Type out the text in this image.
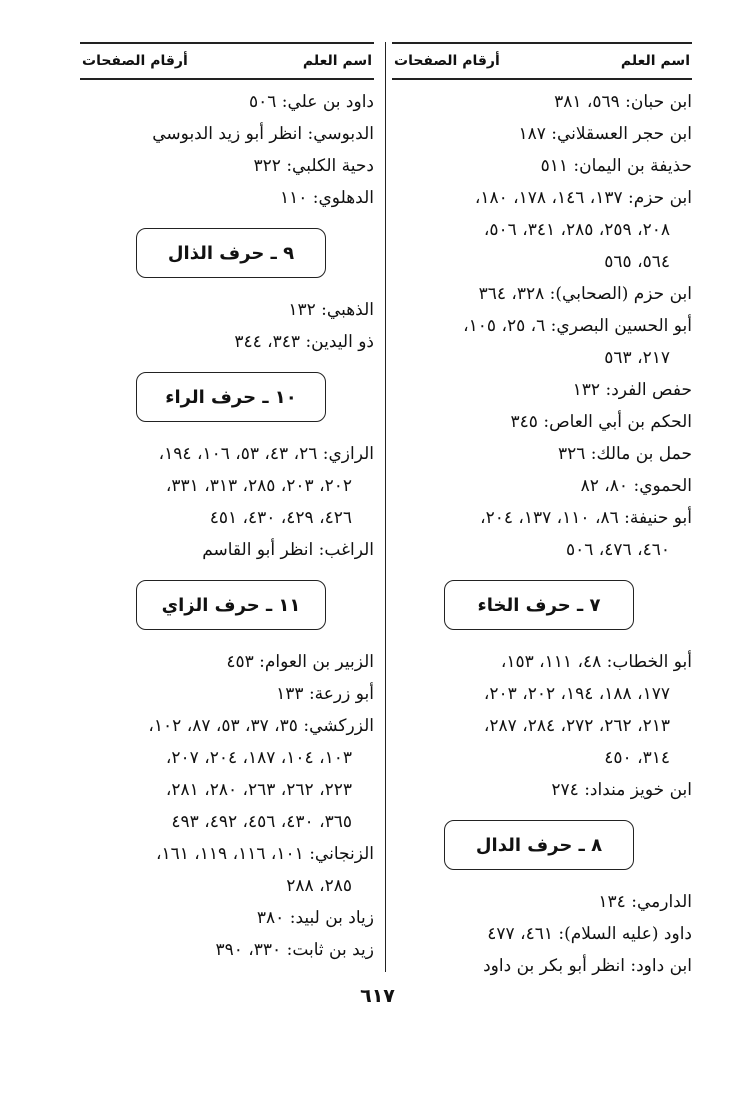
اسم العلم
أرقام الصفحات
ابن حبان: ٥٦٩، ٣٨١
ابن حجر العسقلاني: ١٨٧
حذيفة بن اليمان: ٥١١
ابن حزم: ١٣٧، ١٤٦، ١٧٨، ١٨٠،
٢٠٨، ٢٥٩، ٢٨٥، ٣٤١، ٥٠٦،
٥٦٤، ٥٦٥
ابن حزم (الصحابي): ٣٢٨، ٣٦٤
أبو الحسين البصري: ٦، ٢٥، ١٠٥،
٢١٧، ٥٦٣
حفص الفرد: ١٣٢
الحكم بن أبي العاص: ٣٤٥
حمل بن مالك: ٣٢٦
الحموي: ٨٠، ٨٢
أبو حنيفة: ٨٦، ١١٠، ١٣٧، ٢٠٤،
٤٦٠، ٤٧٦، ٥٠٦
٧ ـ حرف الخاء
أبو الخطاب: ٤٨، ١١١، ١٥٣،
١٧٧، ١٨٨، ١٩٤، ٢٠٢، ٢٠٣،
٢١٣، ٢٦٢، ٢٧٢، ٢٨٤، ٢٨٧،
٣١٤، ٤٥٠
ابن خويز منداد: ٢٧٤
٨ ـ حرف الدال
الدارمي: ١٣٤
داود (عليه السلام): ٤٦١، ٤٧٧
ابن داود: انظر أبو بكر بن داود
اسم العلم
أرقام الصفحات
داود بن علي: ٥٠٦
الدبوسي: انظر أبو زيد الدبوسي
دحية الكلبي: ٣٢٢
الدهلوي: ١١٠
٩ ـ حرف الذال
الذهبي: ١٣٢
ذو اليدين: ٣٤٣، ٣٤٤
١٠ ـ حرف الراء
الرازي: ٢٦، ٤٣، ٥٣، ١٠٦، ١٩٤،
٢٠٢، ٢٠٣، ٢٨٥، ٣١٣، ٣٣١،
٤٢٦، ٤٢٩، ٤٣٠، ٤٥١
الراغب: انظر أبو القاسم
١١ ـ حرف الزاي
الزبير بن العوام: ٤٥٣
أبو زرعة: ١٣٣
الزركشي: ٣٥، ٣٧، ٥٣، ٨٧، ١٠٢،
١٠٣، ١٠٤، ١٨٧، ٢٠٤، ٢٠٧،
٢٢٣، ٢٦٢، ٢٦٣، ٢٨٠، ٢٨١،
٣٦٥، ٤٣٠، ٤٥٦، ٤٩٢، ٤٩٣
الزنجاني: ١٠١، ١١٦، ١١٩، ١٦١،
٢٨٥، ٢٨٨
زياد بن لبيد: ٣٨٠
زيد بن ثابت: ٣٣٠، ٣٩٠
٦١٧
